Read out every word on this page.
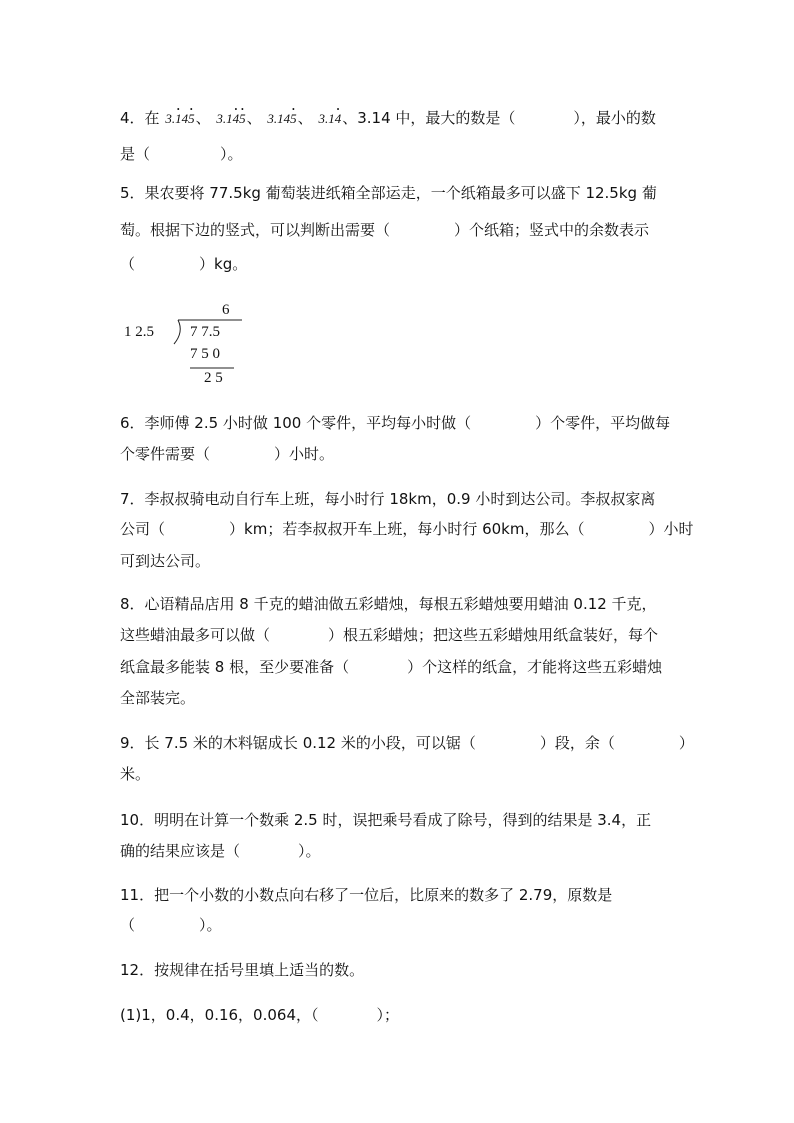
4．在 3.• 14• 5、 3.1• 4• 5、 3.14• 5、 3.1• 4、3.14 中，最大的数是（	），最小的数
是（	）。
5．果农要将 77.5kg 葡萄装进纸箱全部运走，一个纸箱最多可以盛下 12.5kg 葡
萄。根据下边的竖式，可以判断出需要（	）个纸箱；竖式中的余数表示
（	）kg。
6
1 2.5 7 7.5
7 5 0
2 5
6．李师傅 2.5 小时做 100 个零件，平均每小时做（	）个零件，平均做每
个零件需要（	）小时。
7．李叔叔骑电动自行车上班，每小时行 18km，0.9 小时到达公司。李叔叔家离
公司（	）km；若李叔叔开车上班，每小时行 60km，那么（	）小时
可到达公司。
8．心语精品店用 8 千克的蜡油做五彩蜡烛，每根五彩蜡烛要用蜡油 0.12 千克，
这些蜡油最多可以做（	）根五彩蜡烛；把这些五彩蜡烛用纸盒装好，每个
纸盒最多能装 8 根，至少要准备（	）个这样的纸盒，才能将这些五彩蜡烛
全部装完。
9．长 7.5 米的木料锯成长 0.12 米的小段，可以锯（	）段，余（	）
米。
10．明明在计算一个数乘 2.5 时，误把乘号看成了除号，得到的结果是 3.4，正
确的结果应该是（	）。
11．把一个小数的小数点向右移了一位后，比原来的数多了 2.79，原数是
（	）。
12．按规律在括号里填上适当的数。
(1)1，0.4，0.16，0.064，（	）；
